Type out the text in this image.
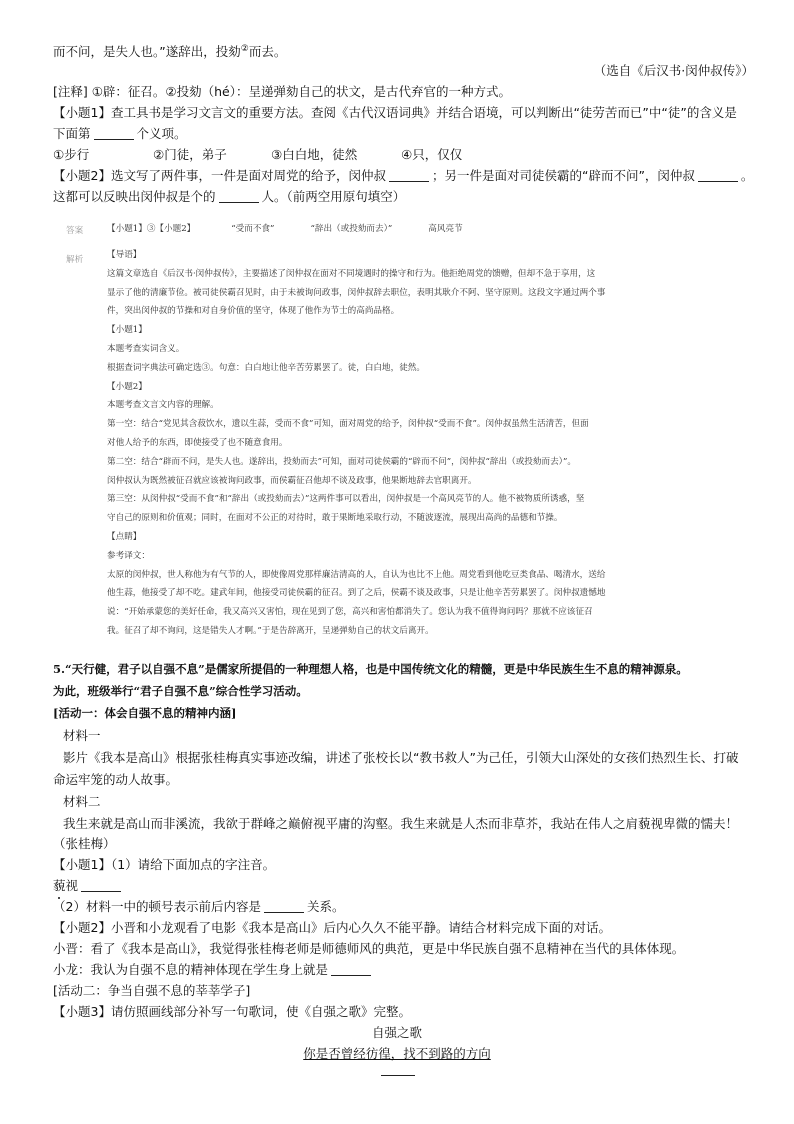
而不问，是失人也。”遂辞出，投劾②而去。
（选自《后汉书·闵仲叔传》）
[注释] ①辟：征召。②投劾（hé）：呈递弹劾自己的状文，是古代弃官的一种方式。
【小题1】查工具书是学习文言文的重要方法。查阅《古代汉语词典》并结合语境，可以判断出“徒劳苦而已”中“徒”的含义是
下面第	个义项。
①步行	②门徒，弟子	③白白地，徒然	④只，仅仅
【小题2】选文写了两件事，一件是面对周党的给予，闵仲叔	；另一件是面对司徒侯霸的“辟而不问”，闵仲叔	。
这都可以反映出闵仲叔是个的	人。（前两空用原句填空）
答案	【小题1】③【小题2】	“受而不食”	“辞出（或投劾而去）”	高风亮节
解析	【导语】
这篇文章选自《后汉书·闵仲叔传》，主要描述了闵仲叔在面对不同境遇时的操守和行为。他拒绝周党的馈赠，但却不急于享用，这
显示了他的清廉节俭。被司徒侯霸召见时，由于未被询问政事，闵仲叔辞去职位，表明其耿介不阿、坚守原则。这段文字通过两个事
件，突出闵仲叔的节操和对自身价值的坚守，体现了他作为节士的高尚品格。
【小题1】
本题考查实词含义。
根据查词字典法可确定选③。句意：白白地让他辛苦劳累罢了。徒，白白地，徒然。
【小题2】
本题考查文言文内容的理解。
第一空：结合“党见其含菽饮水，遗以生蒜，受而不食”可知，面对周党的给予，闵仲叔“受而不食”。闵仲叔虽然生活清苦，但面
对他人给予的东西，即使接受了也不随意食用。
第二空：结合“辟而不问，是失人也。遂辞出，投劾而去”可知，面对司徒侯霸的“辟而不问”，闵仲叔“辞出（或投劾而去）”。
闵仲叔认为既然被征召就应该被询问政事，而侯霸征召他却不谈及政事，他果断地辞去官职离开。
第三空：从闵仲叔“受而不食”和“辞出（或投劾而去）”这两件事可以看出，闵仲叔是一个高风亮节的人。他不被物质所诱惑，坚
守自己的原则和价值观；同时，在面对不公正的对待时，敢于果断地采取行动，不随波逐流，展现出高尚的品德和节操。
【点睛】
参考译文：
太原的闵仲叔，世人称他为有气节的人，即使像周党那样廉洁清高的人，自认为也比不上他。周党看到他吃豆类食品、喝清水，送给
他生蒜，他接受了却不吃。建武年间，他接受司徒侯霸的征召。到了之后，侯霸不谈及政事，只是让他辛苦劳累罢了。闵仲叔遗憾地
说：“开始承蒙您的美好任命，我又高兴又害怕，现在见到了您，高兴和害怕都消失了。您认为我不值得询问吗？那就不应该征召
我。征召了却不询问，这是错失人才啊。”于是告辞离开，呈递弹劾自己的状文后离开。
5.“天行健，君子以自强不息”是儒家所提倡的一种理想人格，也是中国传统文化的精髓，更是中华民族生生不息的精神源泉。
为此，班级举行“君子自强不息”综合性学习活动。
[活动一：体会自强不息的精神内涵]
材料一
影片《我本是高山》根据张桂梅真实事迹改编，讲述了张校长以“教书救人”为己任，引领大山深处的女孩们热烈生长、打破
命运牢笼的动人故事。
材料二
我生来就是高山而非溪流，我欲于群峰之巅俯视平庸的沟壑。我生来就是人杰而非草芥，我站在伟人之肩藐视卑微的懦夫！
（张桂梅）
【小题1】（1）请给下面加点的字注音。
藐视
（2）材料一中的顿号表示前后内容是	关系。
【小题2】小晋和小龙观看了电影《我本是高山》后内心久久不能平静。请结合材料完成下面的对话。
小晋：看了《我本是高山》，我觉得张桂梅老师是师德师风的典范，更是中华民族自强不息精神在当代的具体体现。
小龙：我认为自强不息的精神体现在学生身上就是
[活动二：争当自强不息的莘莘学子]
【小题3】请仿照画线部分补写一句歌词，使《自强之歌》完整。
自强之歌
你是否曾经彷徨，找不到路的方向
